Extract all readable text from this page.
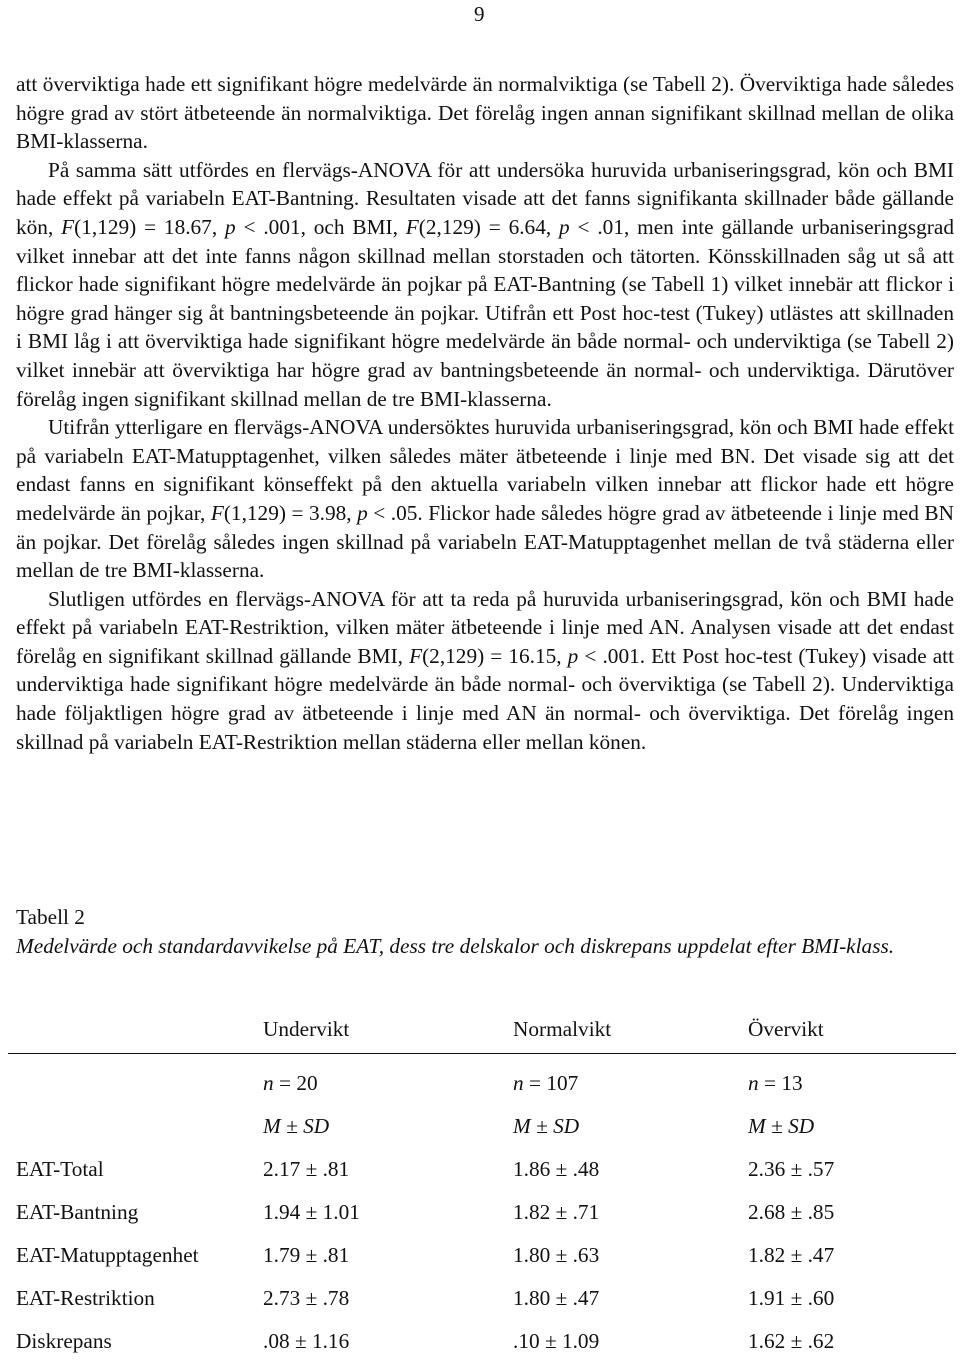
9

att överviktiga hade ett signifikant högre medelvärde än normalviktiga (se Tabell 2). Överviktiga hade således högre grad av stört ätbeteende än normalviktiga. Det förelåg ingen annan signifikant skillnad mellan de olika BMI-klasserna.

På samma sätt utfördes en flervägs-ANOVA för att undersöka huruvida urbaniseringsgrad, kön och BMI hade effekt på variabeln EAT-Bantning. Resultaten visade att det fanns signifikanta skillnader både gällande kön, F(1,129) = 18.67, p < .001, och BMI, F(2,129) = 6.64, p < .01, men inte gällande urbaniseringsgrad vilket innebar att det inte fanns någon skillnad mellan storstaden och tätorten. Könsskillnaden såg ut så att flickor hade signifikant högre medelvärde än pojkar på EAT-Bantning (se Tabell 1) vilket innebär att flickor i högre grad hänger sig åt bantningsbeteende än pojkar. Utifrån ett Post hoc-test (Tukey) utlästes att skillnaden i BMI låg i att överviktiga hade signifikant högre medelvärde än både normal- och underviktiga (se Tabell 2) vilket innebär att överviktiga har högre grad av bantningsbeteende än normal- och underviktiga. Därutöver förelåg ingen signifikant skillnad mellan de tre BMI-klasserna.

Utifrån ytterligare en flervägs-ANOVA undersöktes huruvida urbaniseringsgrad, kön och BMI hade effekt på variabeln EAT-Matupptagenhet, vilken således mäter ätbeteende i linje med BN. Det visade sig att det endast fanns en signifikant könseffekt på den aktuella variabeln vilken innebar att flickor hade ett högre medelvärde än pojkar, F(1,129) = 3.98, p < .05. Flickor hade således högre grad av ätbeteende i linje med BN än pojkar. Det förelåg således ingen skillnad på variabeln EAT-Matupptagenhet mellan de två städerna eller mellan de tre BMI-klasserna.

Slutligen utfördes en flervägs-ANOVA för att ta reda på huruvida urbaniseringsgrad, kön och BMI hade effekt på variabeln EAT-Restriktion, vilken mäter ätbeteende i linje med AN. Analysen visade att det endast förelåg en signifikant skillnad gällande BMI, F(2,129) = 16.15, p < .001. Ett Post hoc-test (Tukey) visade att underviktiga hade signifikant högre medelvärde än både normal- och överviktiga (se Tabell 2). Underviktiga hade följaktligen högre grad av ätbeteende i linje med AN än normal- och överviktiga. Det förelåg ingen skillnad på variabeln EAT-Restriktion mellan städerna eller mellan könen.

Tabell 2
Medelvärde och standardavvikelse på EAT, dess tre delskalor och diskrepans uppdelat efter BMI-klass.
	Undervikt	Normalvikt	Övervikt
	n = 20	n = 107	n = 13
	M ± SD	M ± SD	M ± SD
EAT-Total	2.17 ± .81	1.86 ± .48	2.36 ± .57
EAT-Bantning	1.94 ± 1.01	1.82 ± .71	2.68 ± .85
EAT-Matupptagenhet	1.79 ± .81	1.80 ± .63	1.82 ± .47
EAT-Restriktion	2.73 ± .78	1.80 ± .47	1.91 ± .60
Diskrepans	.08 ± 1.16	.10 ± 1.09	1.62 ± .62
